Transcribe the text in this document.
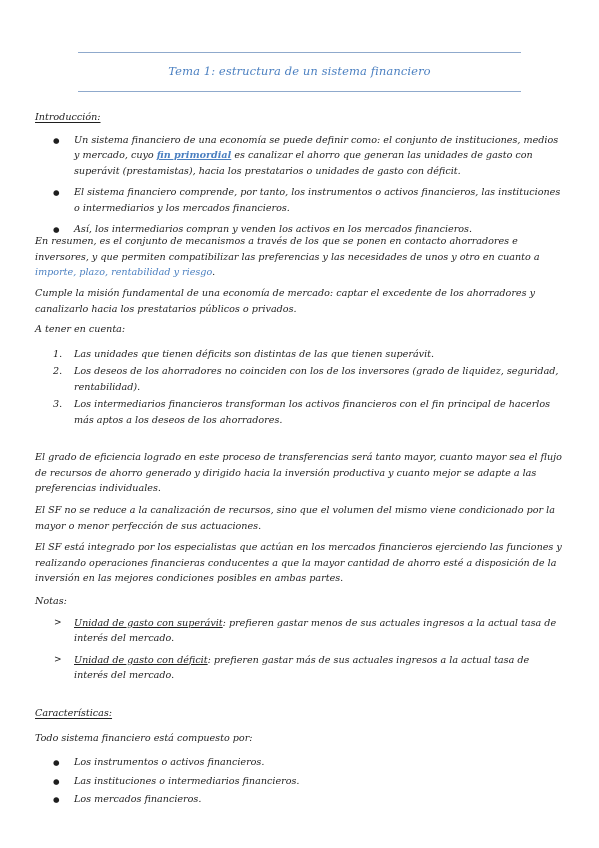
Tema 1: estructura de un sistema financiero
Introducción:
● Un sistema financiero de una economía se puede definir como: el conjunto de instituciones, medios y mercado, cuyo fin primordial es canalizar el ahorro que generan las unidades de gasto con superávit (prestamistas), hacia los prestatarios o unidades de gasto con déficit.
● El sistema financiero comprende, por tanto, los instrumentos o activos financieros, las instituciones o intermediarios y los mercados financieros.
● Así, los intermediarios compran y venden los activos en los mercados financieros.

En resumen, es el conjunto de mecanismos a través de los que se ponen en contacto ahorradores e inversores, y que permiten compatibilizar las preferencias y las necesidades de unos y otro en cuanto a importe, plazo, rentabilidad y riesgo.

Cumple la misión fundamental de una economía de mercado: captar el excedente de los ahorradores y canalizarlo hacia los prestatarios públicos o privados.
A tener en cuenta:
1. Las unidades que tienen déficits son distintas de las que tienen superávit.
2. Los deseos de los ahorradores no coinciden con los de los inversores (grado de liquidez, seguridad, rentabilidad).
3. Los intermediarios financieros transforman los activos financieros con el fin principal de hacerlos más aptos a los deseos de los ahorradores.
El grado de eficiencia logrado en este proceso de transferencias será tanto mayor, cuanto mayor sea el flujo de recursos de ahorro generado y dirigido hacia la inversión productiva y cuanto mejor se adapte a las preferencias individuales.
El SF no se reduce a la canalización de recursos, sino que el volumen del mismo viene condicionado por la mayor o menor perfección de sus actuaciones.
El SF está integrado por los especialistas que actúan en los mercados financieros ejerciendo las funciones y realizando operaciones financieras conducentes a que la mayor cantidad de ahorro esté a disposición de la inversión en las mejores condiciones posibles en ambas partes.
Notas:
> Unidad de gasto con superávit: prefieren gastar menos de sus actuales ingresos a la actual tasa de interés del mercado.
> Unidad de gasto con déficit: prefieren gastar más de sus actuales ingresos a la actual tasa de interés del mercado.
Características:
Todo sistema financiero está compuesto por:
● Los instrumentos o activos financieros.
● Las instituciones o intermediarios financieros.
● Los mercados financieros.
